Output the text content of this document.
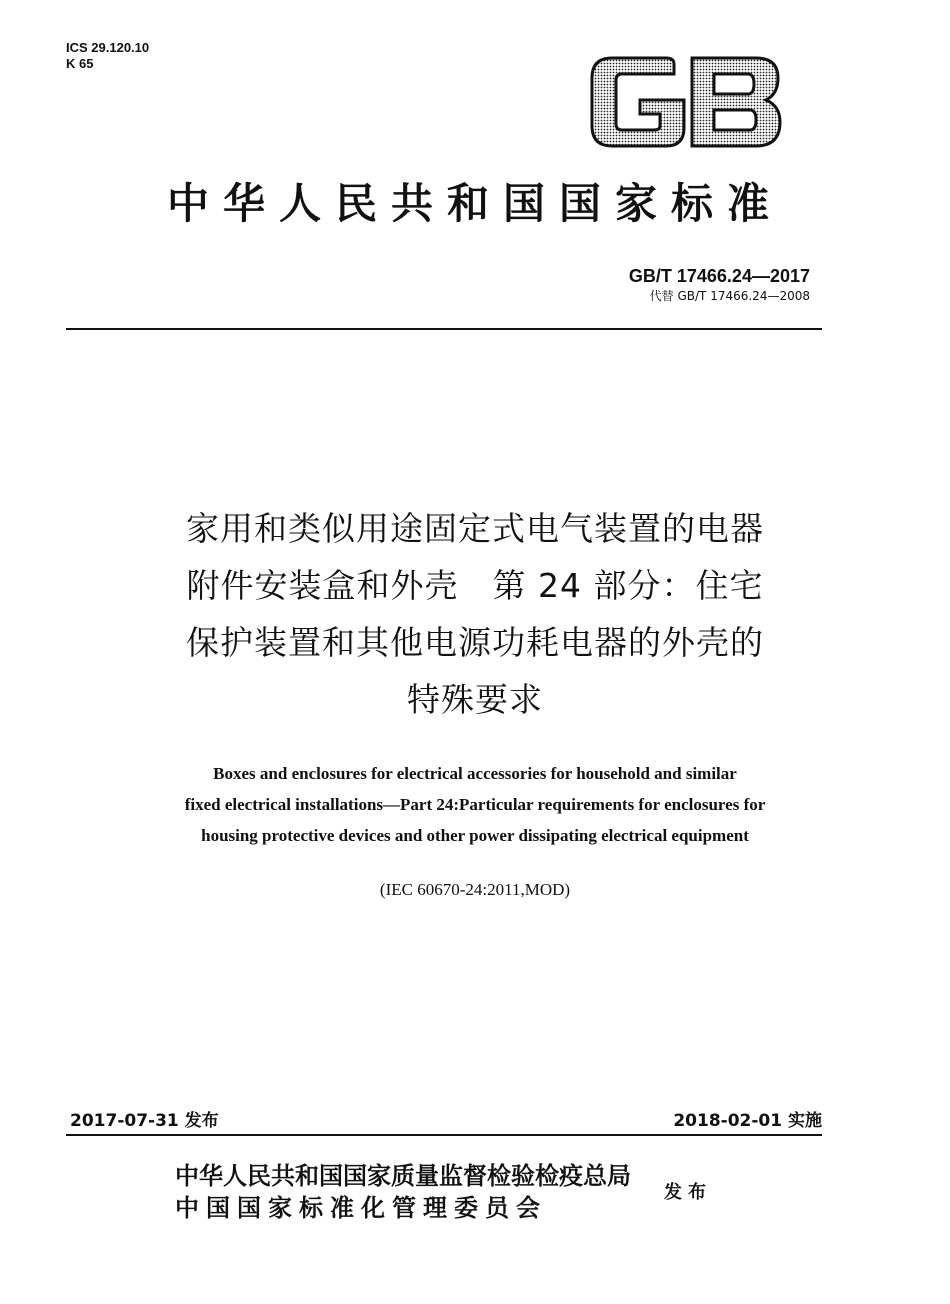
ICS 29.120.10
K 65
中华人民共和国国家标准
GB/T 17466.24—2017
代替 GB/T 17466.24—2008
家用和类似用途固定式电气装置的电器
附件安装盒和外壳　第 24 部分：住宅
保护装置和其他电源功耗电器的外壳的
特殊要求
Boxes and enclosures for electrical accessories for household and similar
fixed electrical installations—Part 24:Particular requirements for enclosures for
housing protective devices and other power dissipating electrical equipment
(IEC 60670-24:2011,MOD)
2017-07-31 发布	2018-02-01 实施
中华人民共和国国家质量监督检验检疫总局
中国国家标准化管理委员会
发布
